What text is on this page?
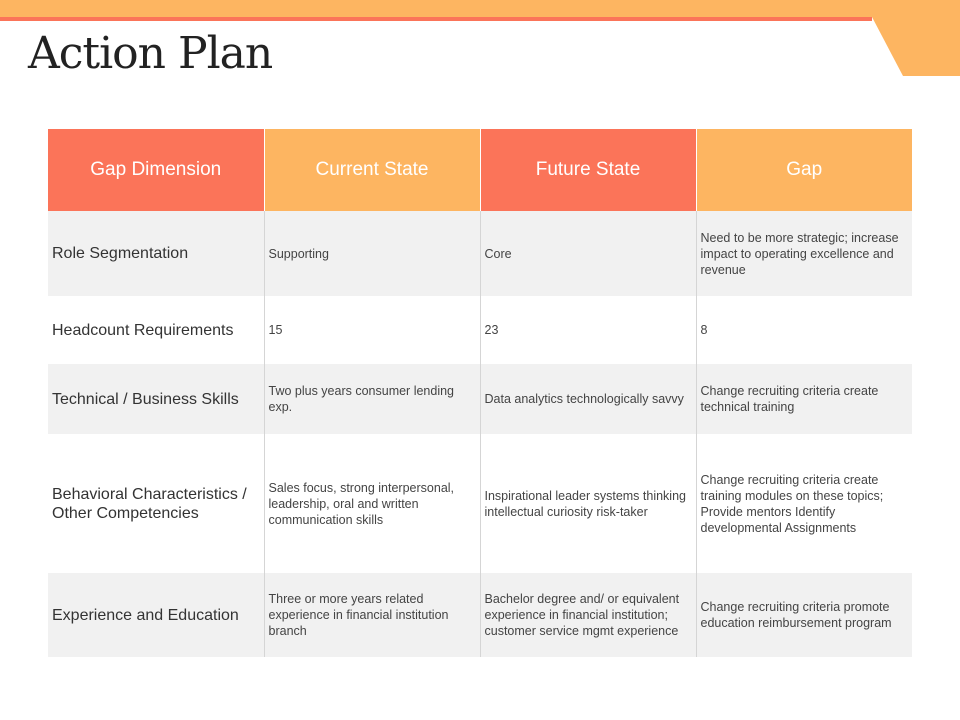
Action Plan
Gap Dimension	Current State	Future State	Gap
Role Segmentation	Supporting	Core	Need to be more strategic; increase impact to operating excellence and revenue
Headcount Requirements	15	23	8
Technical / Business Skills	Two plus years consumer lending exp.	Data analytics technologically savvy	Change recruiting criteria create technical training
Behavioral Characteristics / Other Competencies	Sales focus, strong interpersonal, leadership, oral and written communication skills	Inspirational leader systems thinking intellectual curiosity risk-taker	Change recruiting criteria create training modules on these topics; Provide mentors Identify developmental Assignments
Experience and Education	Three or more years related experience in financial institution branch	Bachelor degree and/ or equivalent experience in financial institution; customer service mgmt experience	Change recruiting criteria promote education reimbursement program
